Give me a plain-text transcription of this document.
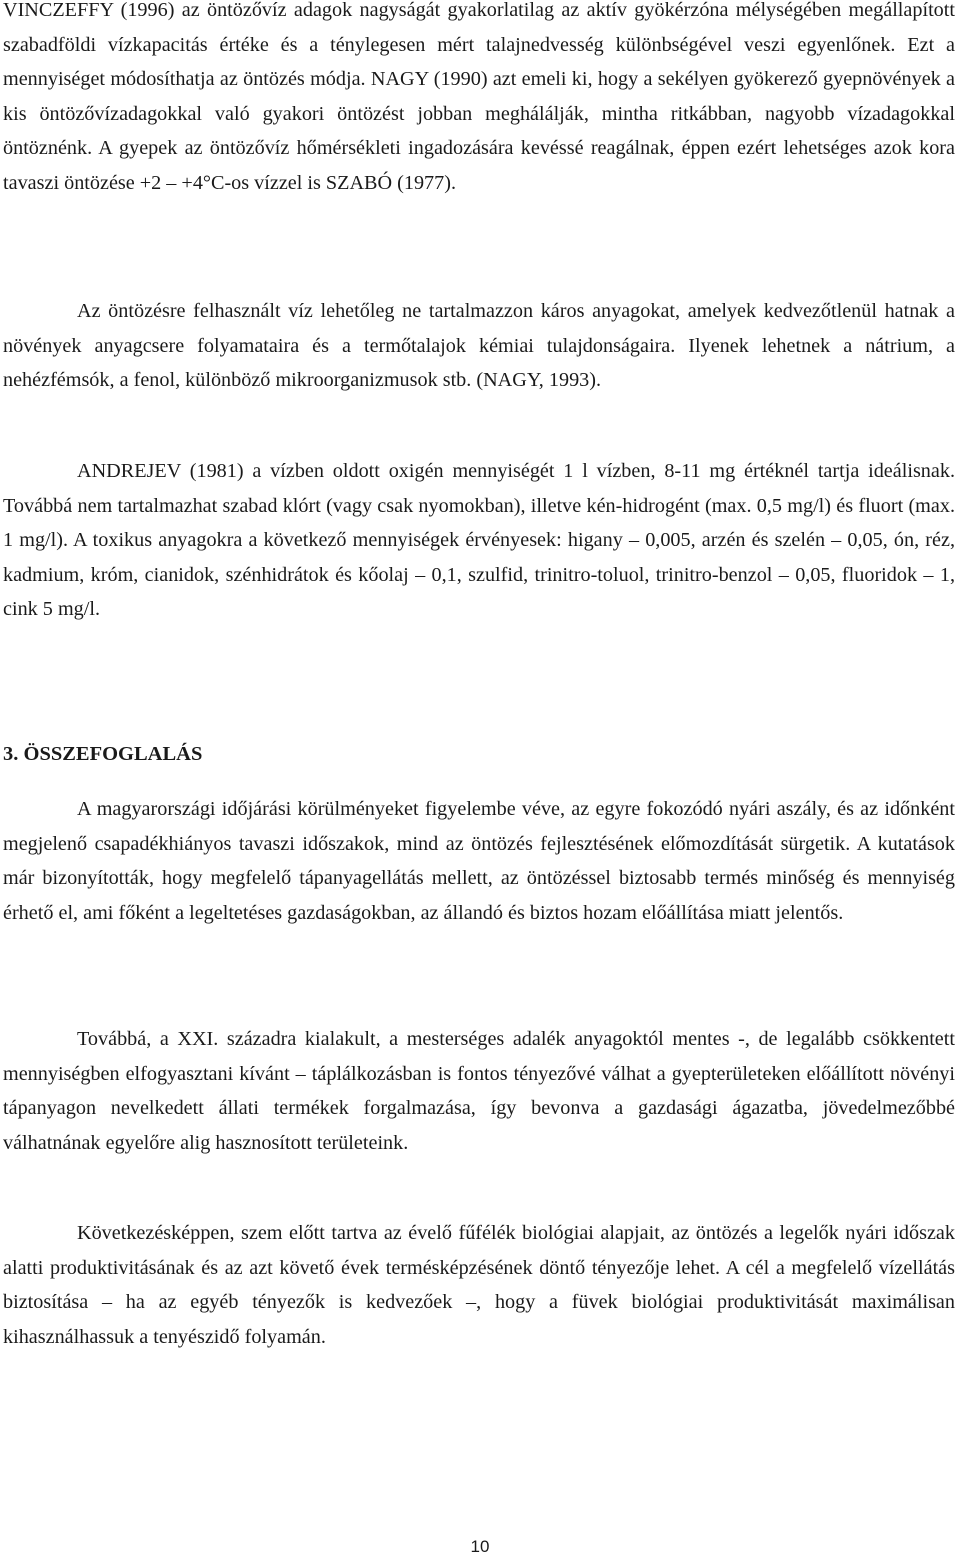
VINCZEFFY (1996) az öntözővíz adagok nagyságát gyakorlatilag az aktív gyökérzóna mélységében megállapított szabadföldi vízkapacitás értéke és a ténylegesen mért talajnedvesség különbségével veszi egyenlőnek. Ezt a mennyiséget módosíthatja az öntözés módja. NAGY (1990) azt emeli ki, hogy a sekélyen gyökerező gyepnövények a kis öntözővízadagokkal való gyakori öntözést jobban meghálálják, mintha ritkábban, nagyobb vízadagokkal öntöznénk. A gyepek az öntözővíz hőmérsékleti ingadozására kevéssé reagálnak, éppen ezért lehetséges azok kora tavaszi öntözése +2 – +4°C-os vízzel is SZABÓ (1977).

Az öntözésre felhasznált víz lehetőleg ne tartalmazzon káros anyagokat, amelyek kedvezőtlenül hatnak a növények anyagcsere folyamataira és a termőtalajok kémiai tulajdonságaira. Ilyenek lehetnek a nátrium, a nehézfémsók, a fenol, különböző mikroorganizmusok stb. (NAGY, 1993).

ANDREJEV (1981) a vízben oldott oxigén mennyiségét 1 l vízben, 8-11 mg értéknél tartja ideálisnak. Továbbá nem tartalmazhat szabad klórt (vagy csak nyomokban), illetve kén-hidrogént (max. 0,5 mg/l) és fluort (max. 1 mg/l). A toxikus anyagokra a következő mennyiségek érvényesek: higany – 0,005, arzén és szelén – 0,05, ón, réz, kadmium, króm, cianidok, szénhidrátok és kőolaj – 0,1, szulfid, trinitro-toluol, trinitro-benzol – 0,05, fluoridok – 1, cink 5 mg/l.

3. ÖSSZEFOGLALÁS

A magyarországi időjárási körülményeket figyelembe véve, az egyre fokozódó nyári aszály, és az időnként megjelenő csapadékhiányos tavaszi időszakok, mind az öntözés fejlesztésének előmozdítását sürgetik. A kutatások már bizonyították, hogy megfelelő tápanyagellátás mellett, az öntözéssel biztosabb termés minőség és mennyiség érhető el, ami főként a legeltetéses gazdaságokban, az állandó és biztos hozam előállítása miatt jelentős.

Továbbá, a XXI. századra kialakult, a mesterséges adalék anyagoktól mentes -, de legalább csökkentett mennyiségben elfogyasztani kívánt – táplálkozásban is fontos tényezővé válhat a gyepterületeken előállított növényi tápanyagon nevelkedett állati termékek forgalmazása, így bevonva a gazdasági ágazatba, jövedelmezőbbé válhatnának egyelőre alig hasznosított területeink.

Következésképpen, szem előtt tartva az évelő fűfélék biológiai alapjait, az öntözés a legelők nyári időszak alatti produktivitásának és az azt követő évek termésképzésének döntő tényezője lehet. A cél a megfelelő vízellátás biztosítása – ha az egyéb tényezők is kedvezőek –, hogy a füvek biológiai produktivitását maximálisan kihasználhassuk a tenyészidő folyamán.

10
